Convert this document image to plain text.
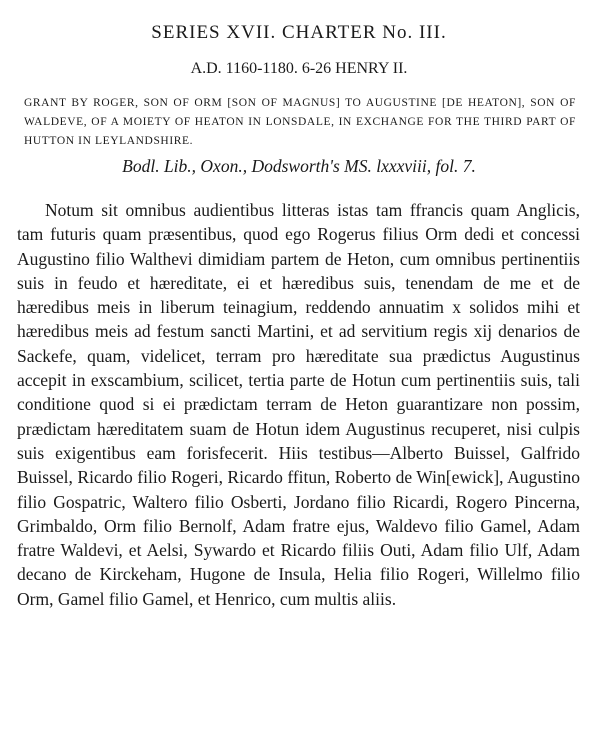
SERIES XVII. CHARTER No. III.

A.D. 1160-1180. 6-26 HENRY II.

GRANT BY ROGER, SON OF ORM [SON OF MAGNUS] TO AUGUSTINE [DE HEATON], SON OF WALDEVE, OF A MOIETY OF HEATON IN LONSDALE, IN EXCHANGE FOR THE THIRD PART OF HUTTON IN LEYLANDSHIRE.

Bodl. Lib., Oxon., Dodsworth's MS. lxxxviii, fol. 7.

Notum sit omnibus audientibus litteras istas tam ffrancis quam Anglicis, tam futuris quam præsentibus, quod ego Rogerus filius Orm dedi et concessi Augustino filio Walthevi dimidiam partem de Heton, cum omnibus pertinentiis suis in feudo et hæreditate, ei et hæredibus suis, tenendam de me et de hæredibus meis in liberum teinagium, reddendo annuatim x solidos mihi et hæredibus meis ad festum sancti Martini, et ad servitium regis xij denarios de Sackefe, quam, videlicet, terram pro hæreditate sua prædictus Augustinus accepit in exscambium, scilicet, tertia parte de Hotun cum pertinentiis suis, tali conditione quod si ei prædictam terram de Heton guarantizare non possim, prædictam hæreditatem suam de Hotun idem Augustinus recuperet, nisi culpis suis exigentibus eam forisfecerit. Hiis testibus—Alberto Buissel, Galfrido Buissel, Ricardo filio Rogeri, Ricardo ffitun, Roberto de Win[ewick], Augustino filio Gospatric, Waltero filio Osberti, Jordano filio Ricardi, Rogero Pincerna, Grimbaldo, Orm filio Bernolf, Adam fratre ejus, Waldevo filio Gamel, Adam fratre Waldevi, et Aelsi, Sywardo et Ricardo filiis Outi, Adam filio Ulf, Adam decano de Kirckeham, Hugone de Insula, Helia filio Rogeri, Willelmo filio Orm, Gamel filio Gamel, et Henrico, cum multis aliis.
